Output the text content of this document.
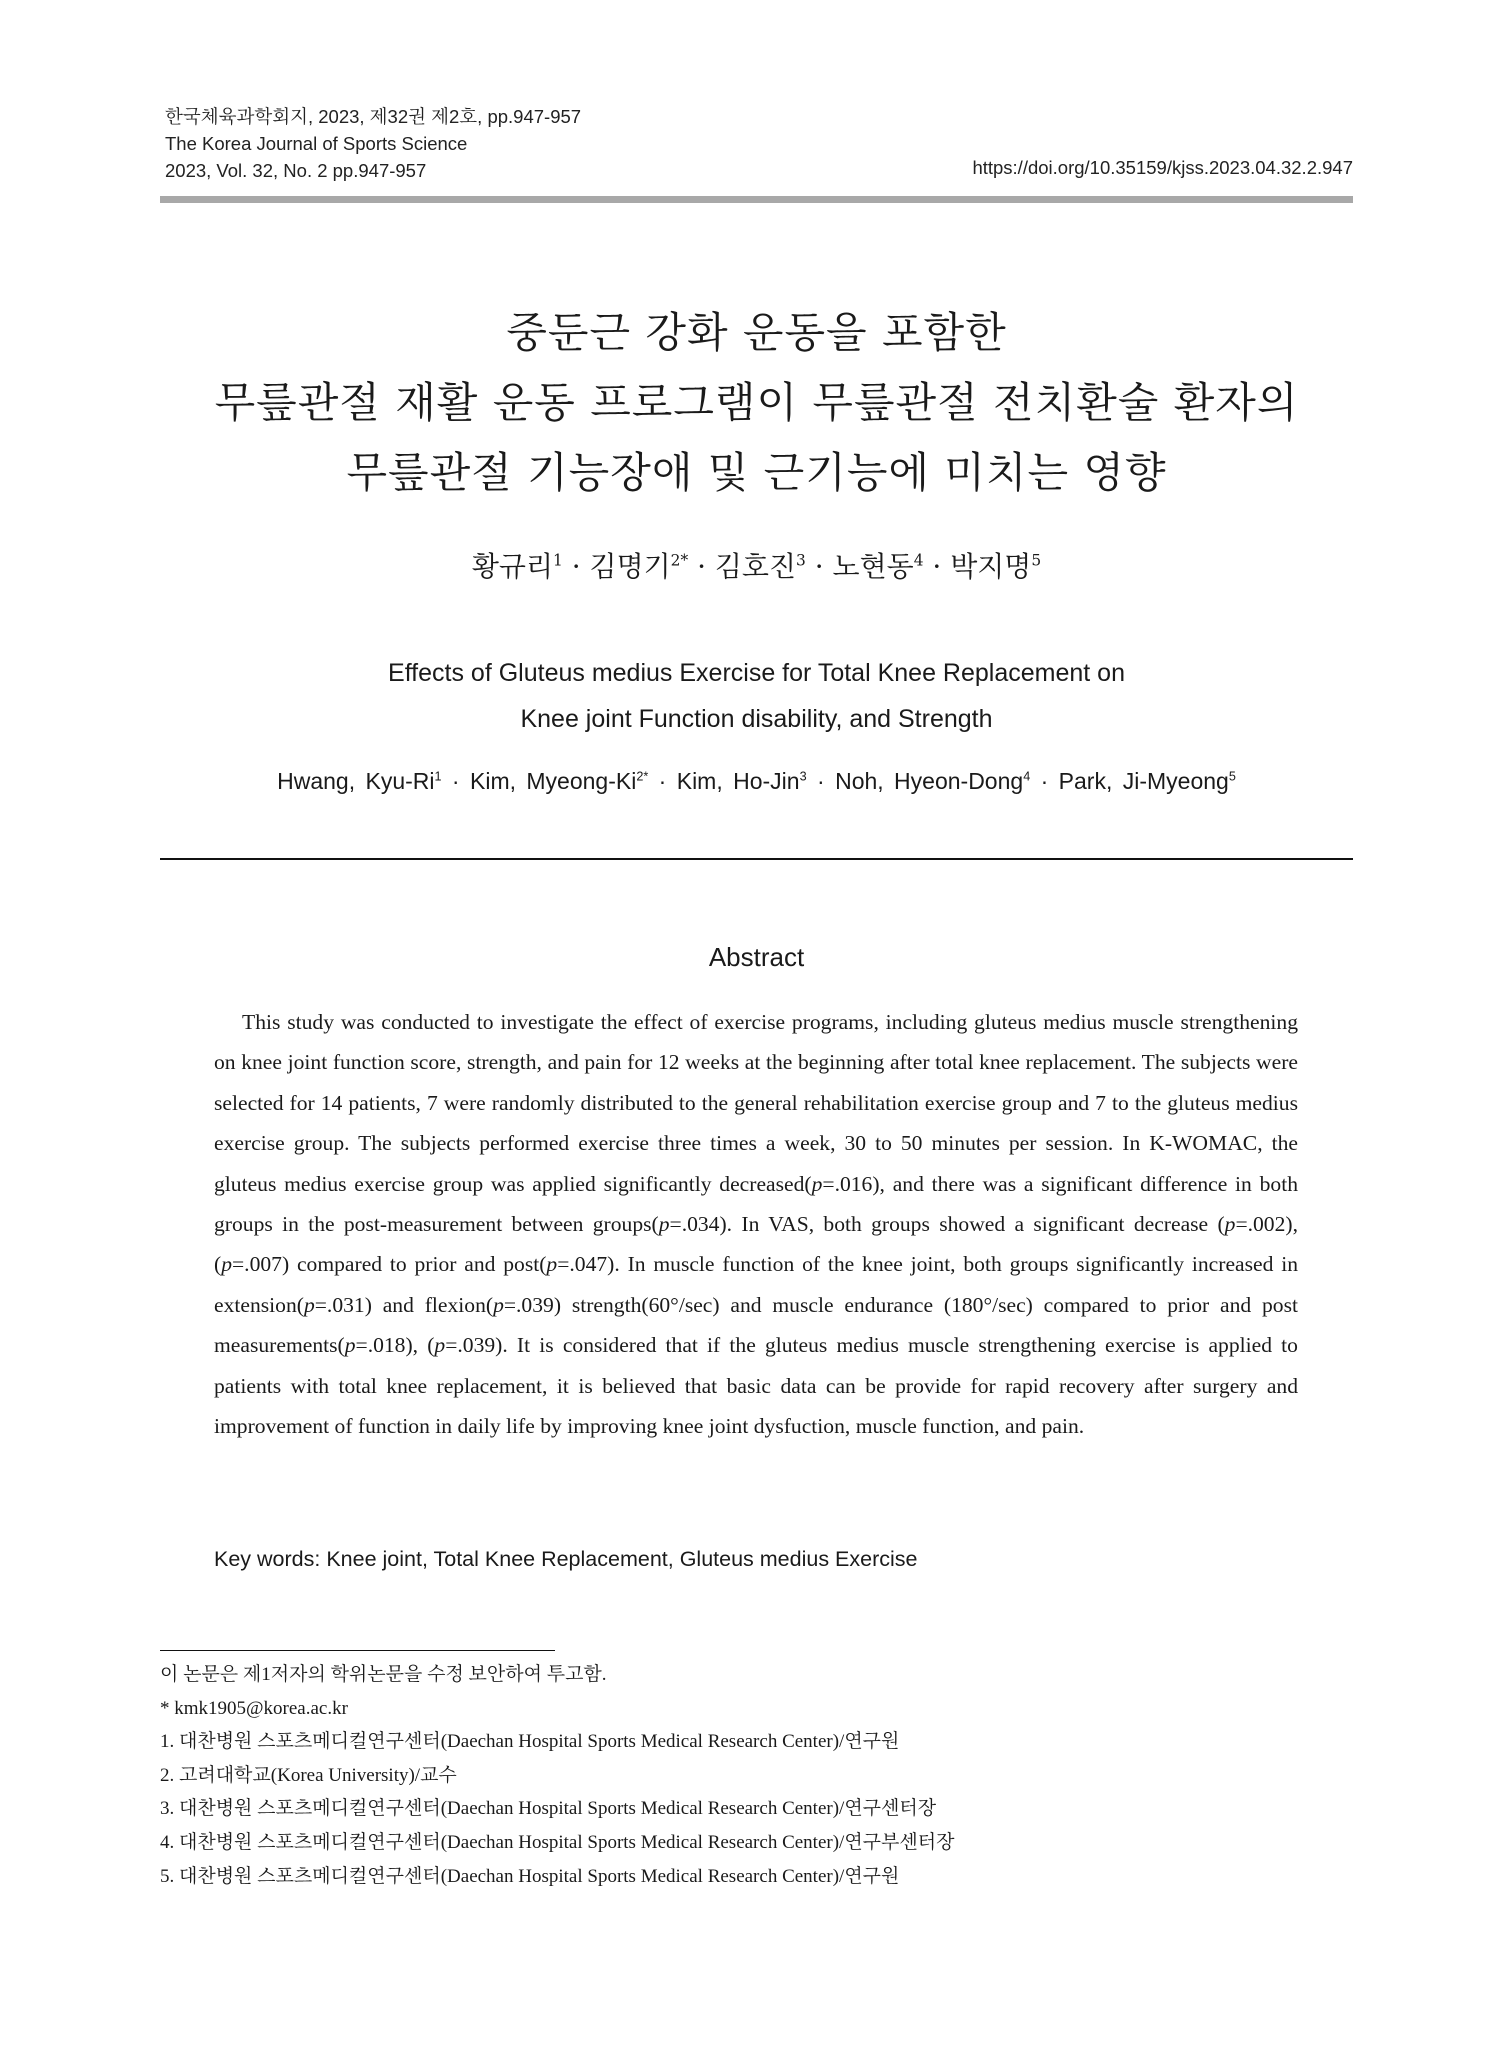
한국체육과학회지, 2023, 제32권 제2호, pp.947-957
The Korea Journal of Sports Science
2023, Vol. 32, No. 2 pp.947-957	https://doi.org/10.35159/kjss.2023.04.32.2.947
중둔근 강화 운동을 포함한
무릎관절 재활 운동 프로그램이 무릎관절 전치환술 환자의
무릎관절 기능장애 및 근기능에 미치는 영향
황규리$^1$ · 김명기$^{2*}$ · 김호진$^3$ · 노현동$^4$ · 박지명$^5$
Effects of Gluteus medius Exercise for Total Knee Replacement on
Knee joint Function disability, and Strength
Hwang, Kyu-$Ri^1$ · Kim, Myeong-$Ki^{2*}$ · Kim, Ho-Jin$^3$ · Noh, Hyeon-Dong$^4$ · Park, Ji-Myeong$^5$
Abstract

This study was conducted to investigate the effect of exercise programs, including gluteus medius muscle strengthening on knee joint function score, strength, and pain for 12 weeks at the beginning after total knee replacement. The subjects were selected for 14 patients, 7 were randomly distributed to the general rehabilitation exercise group and 7 to the gluteus medius exercise group. The subjects performed exercise three times a week, 30 to 50 minutes per session. In K-WOMAC, the gluteus medius exercise group was applied significantly decreased(p=.016), and there was a significant difference in both groups in the post-measurement between groups(p=.034). In VAS, both groups showed a significant decrease (p=.002), (p=.007) compared to prior and post(p=.047). In muscle function of the knee joint, both groups significantly increased in extension(p=.031) and flexion(p=.039) strength(60°/sec) and muscle endurance (180°/sec) compared to prior and post measurements(p=.018), (p=.039). It is considered that if the gluteus medius muscle strengthening exercise is applied to patients with total knee replacement, it is believed that basic data can be provide for rapid recovery after surgery and improvement of function in daily life by improving knee joint dysfuction, muscle function, and pain.

Key words: Knee joint, Total Knee Replacement, Gluteus medius Exercise
이 논문은 제1저자의 학위논문을 수정 보안하여 투고함.
* kmk1905@korea.ac.kr
1. 대찬병원 스포츠메디컬연구센터(Daechan Hospital Sports Medical Research Center)/연구원
2. 고려대학교(Korea University)/교수
3. 대찬병원 스포츠메디컬연구센터(Daechan Hospital Sports Medical Research Center)/연구센터장
4. 대찬병원 스포츠메디컬연구센터(Daechan Hospital Sports Medical Research Center)/연구부센터장
5. 대찬병원 스포츠메디컬연구센터(Daechan Hospital Sports Medical Research Center)/연구원
